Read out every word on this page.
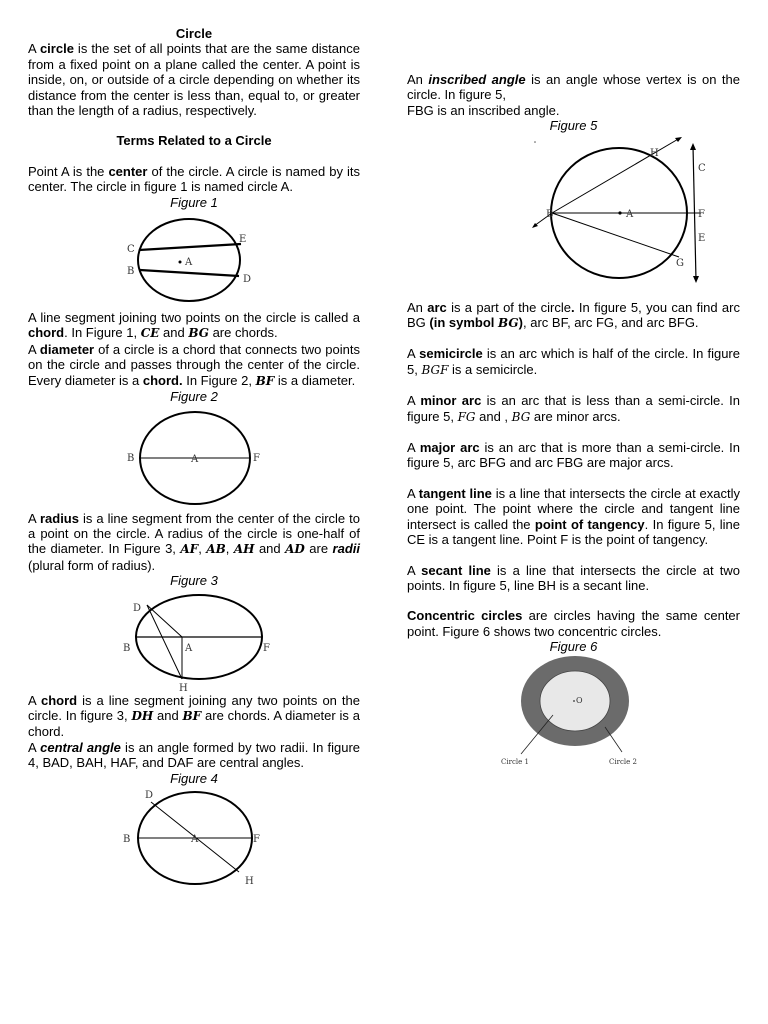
Circle

A circle is the set of all points that are the same distance from a fixed point on a plane called the center. A point is inside, on, or outside of a circle depending on whether its distance from the center is less than, equal to, or greater than the length of a radius, respectively.

Terms Related to a Circle

Point A is the center of the circle. A circle is named by its center. The circle in figure 1 is named circle A.

Figure 1

C
E
A
B
D

A line segment joining two points on the circle is called a chord. In Figure 1, CE and BG are chords.

A diameter of a circle is a chord that connects two points on the circle and passes through the center of the circle. Every diameter is a chord. In Figure 2, BF is a diameter.

Figure 2

B	A	F

A radius is a line segment from the center of the circle to a point on the circle. A radius of the circle is one-half of the diameter. In Figure 3, AF, AB, AH and AD are radii (plural form of radius).

Figure 3

D
B	A	F
H

A chord is a line segment joining any two points on the circle. In figure 3, DH and BF are chords. A diameter is a chord.

A central angle is an angle formed by two radii. In figure 4, BAD, BAH, HAF, and DAF are central angles.

Figure 4

D
B	A	F
H

An inscribed angle is an angle whose vertex is on the circle. In figure 5,

FBG is an inscribed angle.

Figure 5

H
C
B	A	F
E
G

An arc is a part of the circle. In figure 5, you can find arc BG (in symbol BG), arc BF, arc FG, and arc BFG.

A semicircle is an arc which is half of the circle. In figure 5, BGF is a semicircle.

A minor arc is an arc that is less than a semi-circle. In figure 5, FG and , BG are minor arcs.

A major arc is an arc that is more than a semi-circle. In figure 5, arc BFG and arc FBG are major arcs.

A tangent line is a line that intersects the circle at exactly one point. The point where the circle and tangent line intersect is called the point of tangency. In figure 5, line CE is a tangent line. Point F is the point of tangency.

A secant line is a line that intersects the circle at two points. In figure 5, line BH is a secant line.

Concentric circles are circles having the same center point. Figure 6 shows two concentric circles.

Figure 6

O
Circle 1	Circle 2
